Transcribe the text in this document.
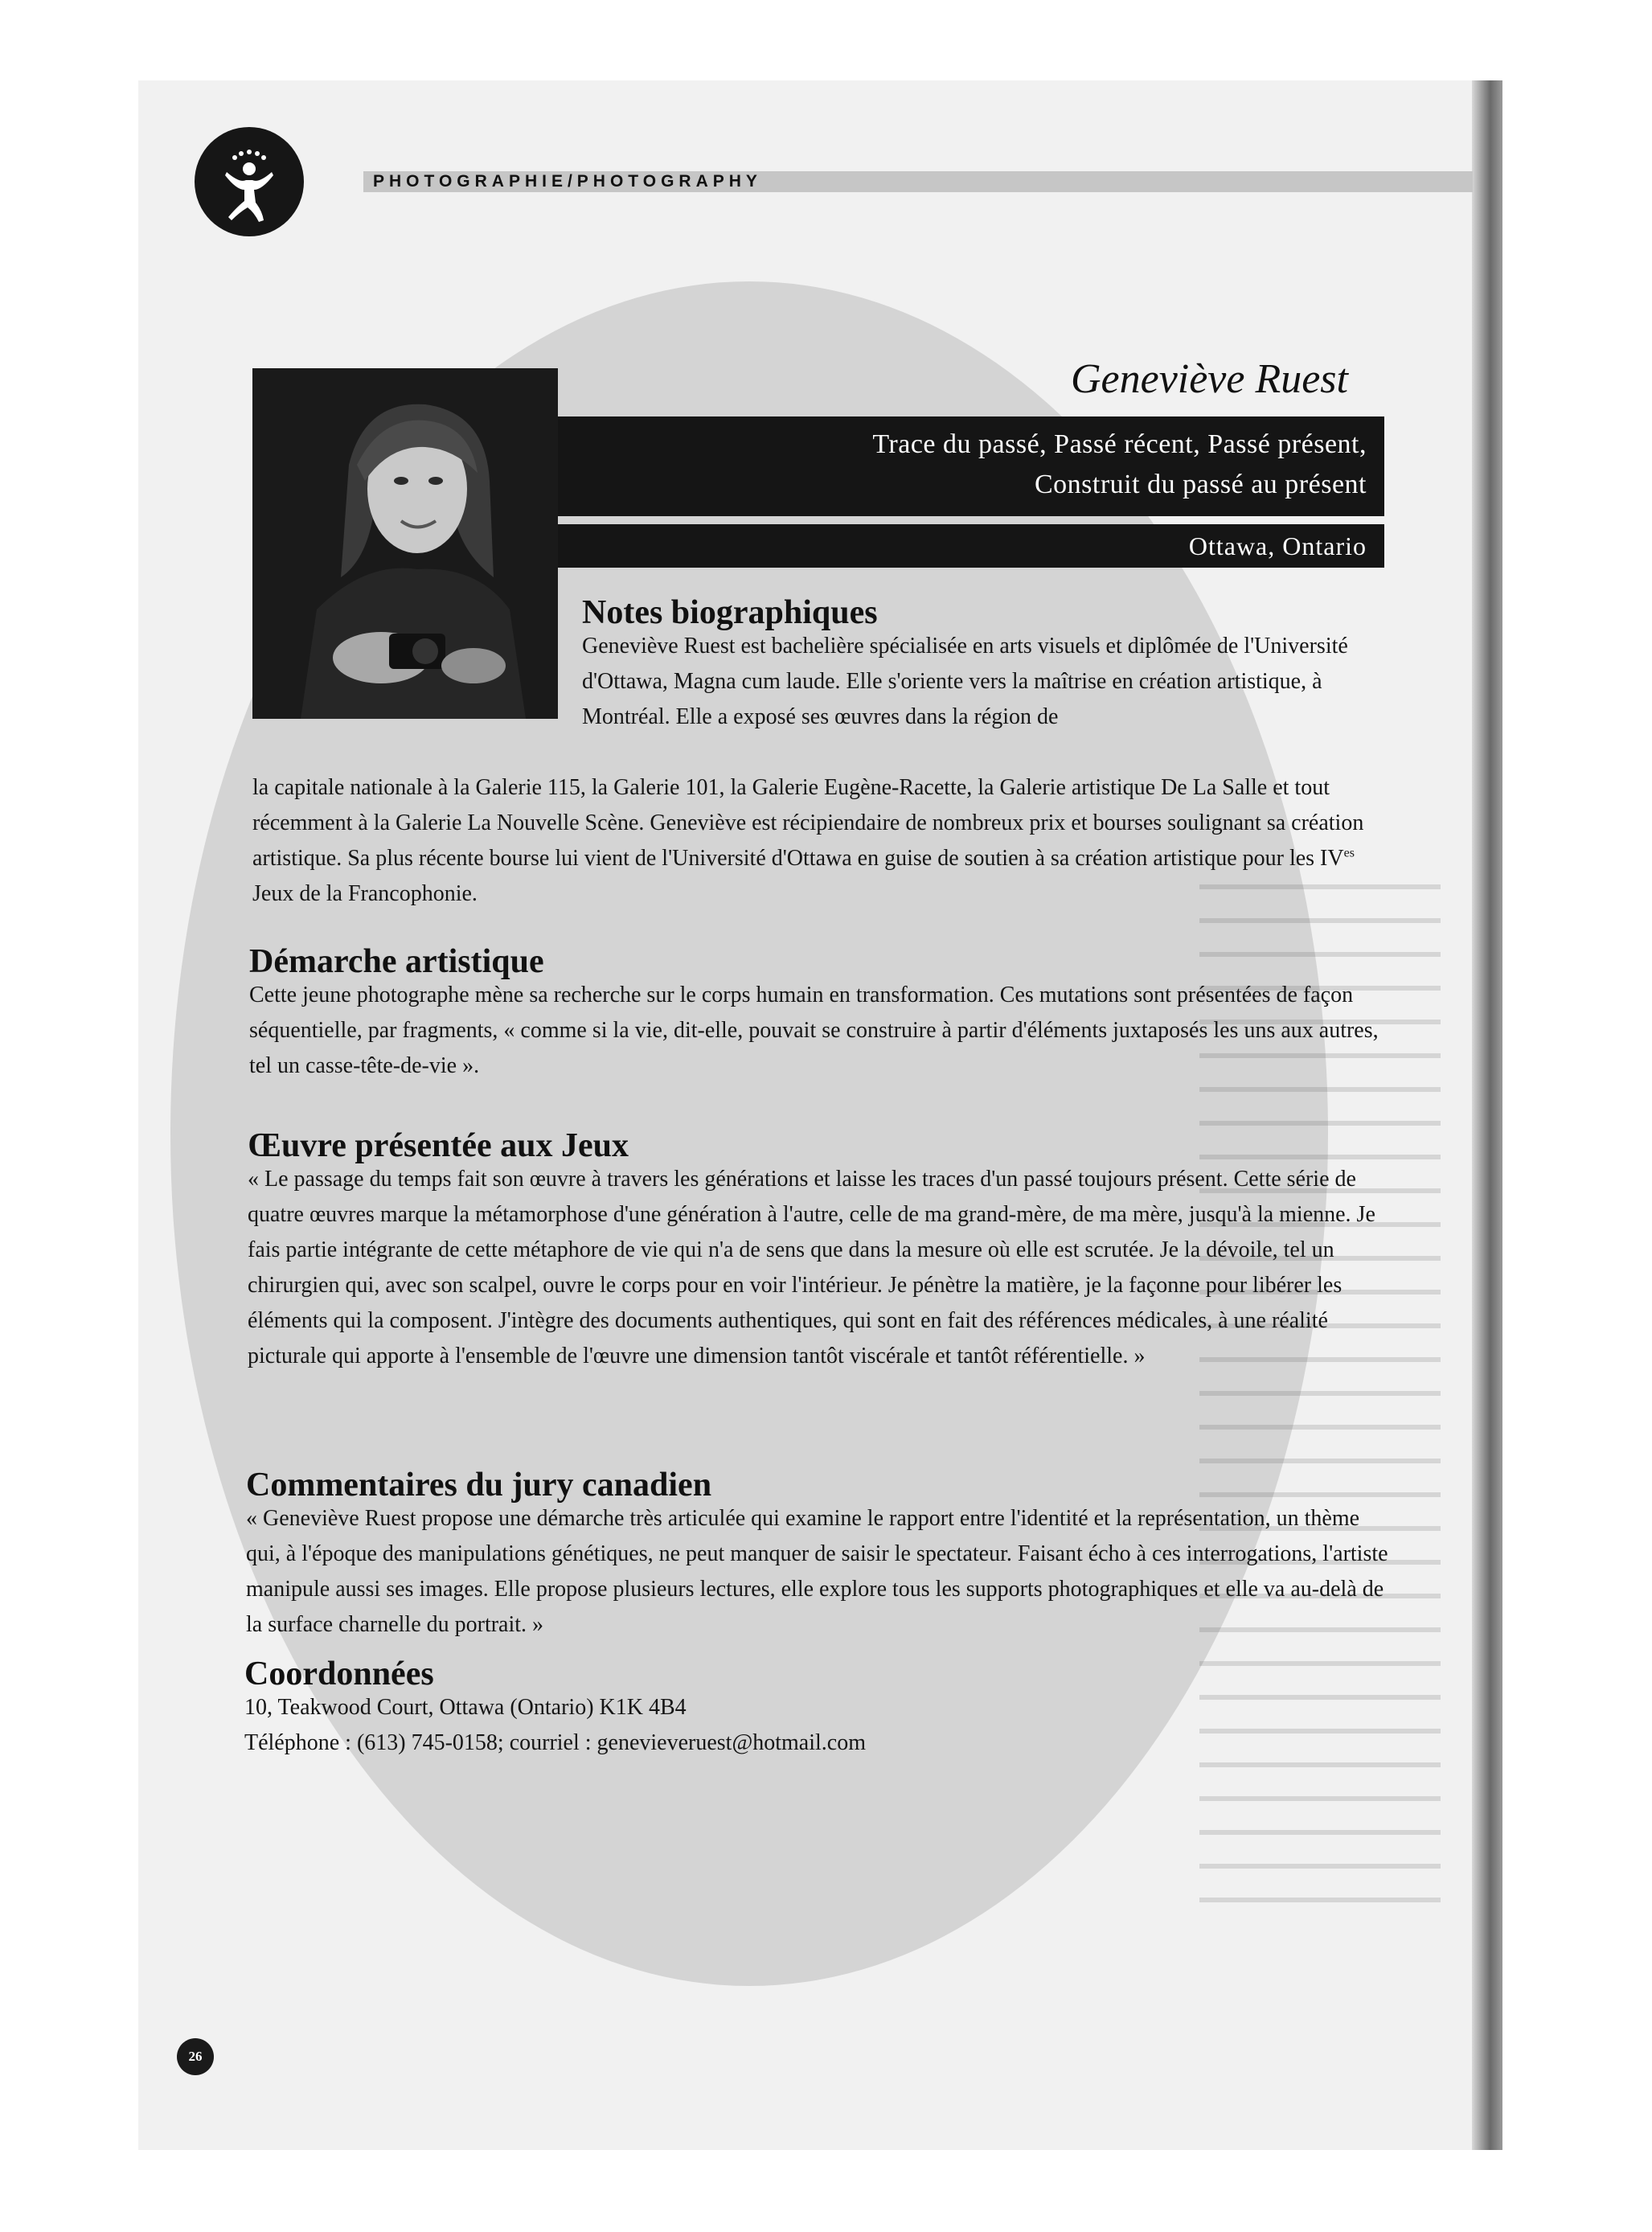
PHOTOGRAPHIE/PHOTOGRAPHY
Geneviève Ruest
Trace du passé, Passé récent, Passé présent,
Construit du passé au présent
Ottawa, Ontario
Notes biographiques

Geneviève Ruest est bachelière spécialisée en arts visuels et diplômée de l'Université d'Ottawa, Magna cum laude. Elle s'oriente vers la maîtrise en création artistique, à Montréal. Elle a exposé ses œuvres dans la région de

la capitale nationale à la Galerie 115, la Galerie 101, la Galerie Eugène-Racette, la Galerie artistique De La Salle et tout récemment à la Galerie La Nouvelle Scène. Geneviève est récipiendaire de nombreux prix et bourses soulignant sa création artistique. Sa plus récente bourse lui vient de l'Université d'Ottawa en guise de soutien à sa création artistique pour les $IV^{es}$ Jeux de la Francophonie.

Démarche artistique

Cette jeune photographe mène sa recherche sur le corps humain en transformation. Ces mutations sont présentées de façon séquentielle, par fragments, « comme si la vie, dit-elle, pouvait se construire à partir d'éléments juxtaposés les uns aux autres, tel un casse-tête-de-vie ».

Œuvre présentée aux Jeux

« Le passage du temps fait son œuvre à travers les générations et laisse les traces d'un passé toujours présent. Cette série de quatre œuvres marque la métamorphose d'une génération à l'autre, celle de ma grand-mère, de ma mère, jusqu'à la mienne. Je fais partie intégrante de cette métaphore de vie qui n'a de sens que dans la mesure où elle est scrutée. Je la dévoile, tel un chirurgien qui, avec son scalpel, ouvre le corps pour en voir l'intérieur. Je pénètre la matière, je la façonne pour libérer les éléments qui la composent. J'intègre des documents authentiques, qui sont en fait des références médicales, à une réalité picturale qui apporte à l'ensemble de l'œuvre une dimension tantôt viscérale et tantôt référentielle. »

Commentaires du jury canadien

« Geneviève Ruest propose une démarche très articulée qui examine le rapport entre l'identité et la représentation, un thème qui, à l'époque des manipulations génétiques, ne peut manquer de saisir le spectateur. Faisant écho à ces interrogations, l'artiste manipule aussi ses images. Elle propose plusieurs lectures, elle explore tous les supports photographiques et elle va au-delà de la surface charnelle du portrait. »

Coordonnées
10, Teakwood Court, Ottawa (Ontario) K1K 4B4
Téléphone : (613) 745-0158; courriel : genevieveruest@hotmail.com
26
